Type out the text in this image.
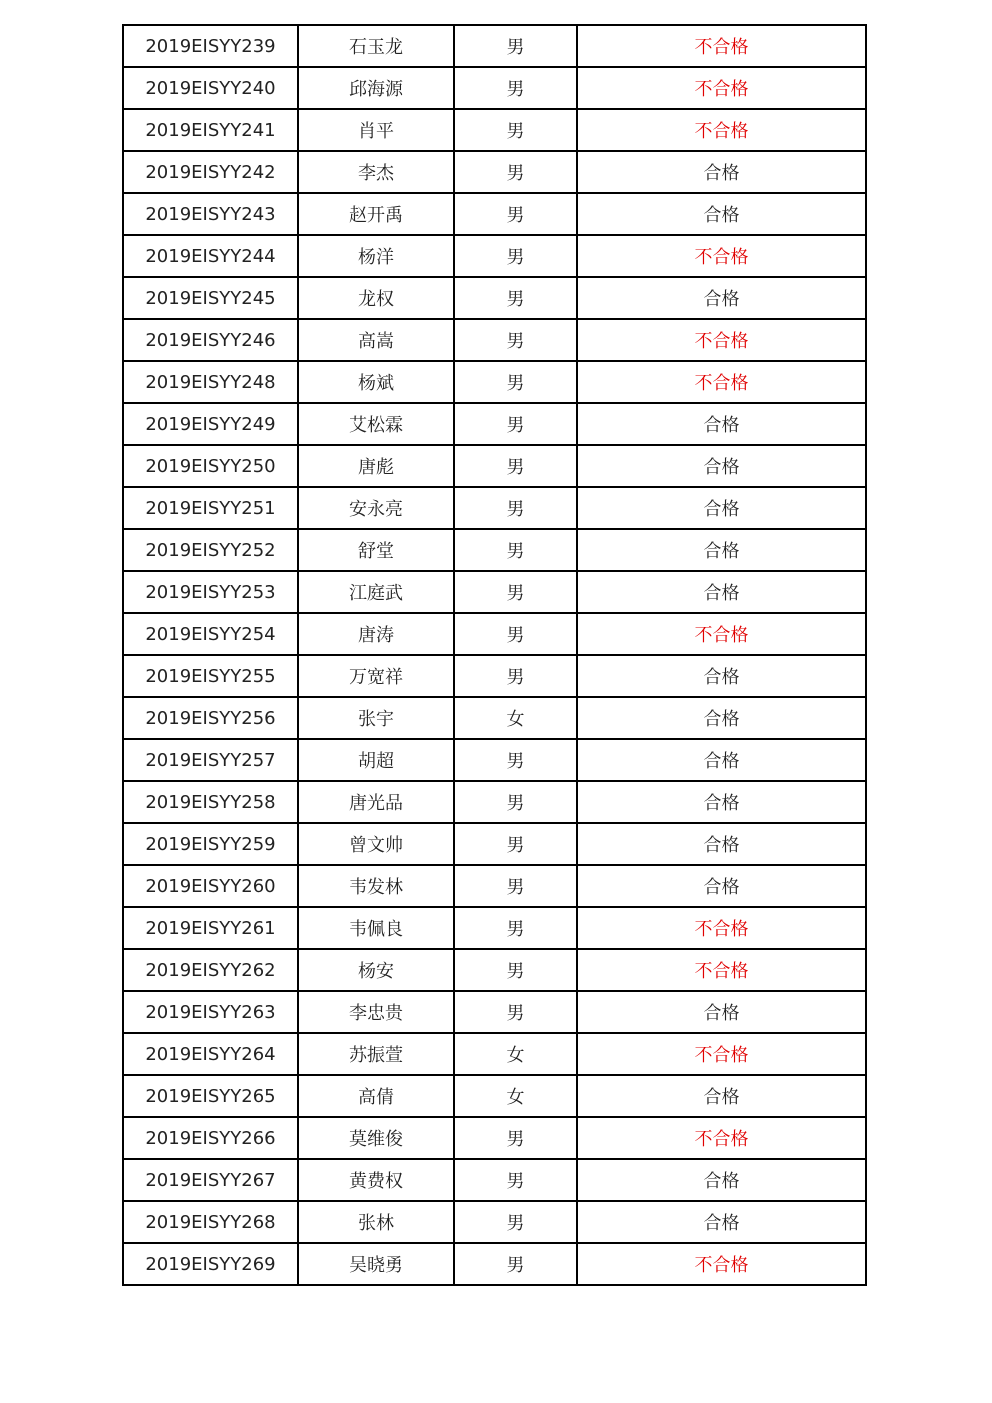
2019EISYY239	石玉龙	男	不合格
2019EISYY240	邱海源	男	不合格
2019EISYY241	肖平	男	不合格
2019EISYY242	李杰	男	合格
2019EISYY243	赵开禹	男	合格
2019EISYY244	杨洋	男	不合格
2019EISYY245	龙权	男	合格
2019EISYY246	高嵩	男	不合格
2019EISYY248	杨斌	男	不合格
2019EISYY249	艾松霖	男	合格
2019EISYY250	唐彪	男	合格
2019EISYY251	安永亮	男	合格
2019EISYY252	舒堂	男	合格
2019EISYY253	江庭武	男	合格
2019EISYY254	唐涛	男	不合格
2019EISYY255	万宽祥	男	合格
2019EISYY256	张宇	女	合格
2019EISYY257	胡超	男	合格
2019EISYY258	唐光品	男	合格
2019EISYY259	曾文帅	男	合格
2019EISYY260	韦发林	男	合格
2019EISYY261	韦佩良	男	不合格
2019EISYY262	杨安	男	不合格
2019EISYY263	李忠贵	男	合格
2019EISYY264	苏振萱	女	不合格
2019EISYY265	高倩	女	合格
2019EISYY266	莫维俊	男	不合格
2019EISYY267	黄费权	男	合格
2019EISYY268	张林	男	合格
2019EISYY269	吴晓勇	男	不合格
